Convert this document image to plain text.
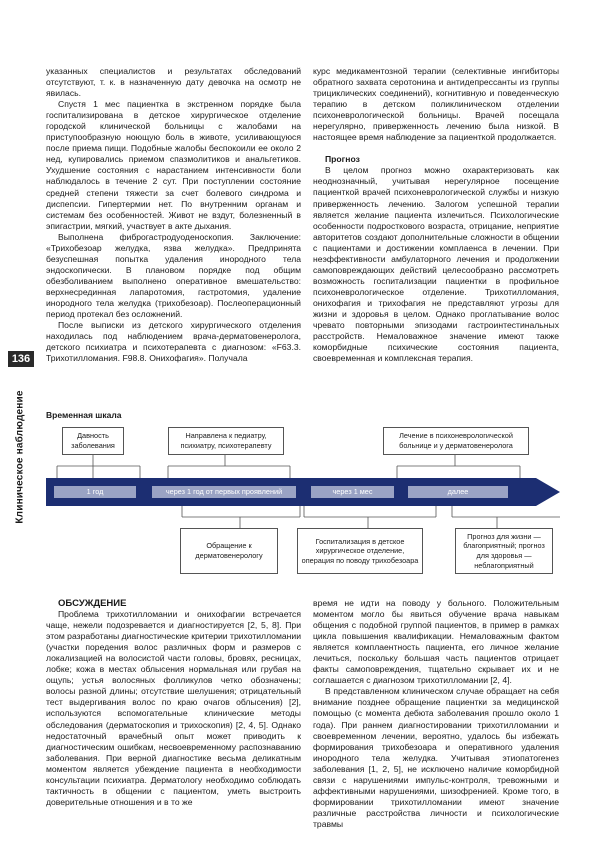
136
Клиническое наблюдение

указанных специалистов и результатах обследований отсутствуют, т. к. в назначенную дату девочка на осмотр не явилась.

Спустя 1 мес пациентка в экстренном порядке была госпитализирована в детское хирургическое отделение городской клинической больницы с жалобами на приступообразную ноющую боль в животе, усиливающуюся после приема пищи. Подобные жалобы беспокоили ее около 2 нед, купировались приемом спазмолитиков и анальгетиков. Ухудшение состояния с нарастанием интенсивности боли наблюдалось в течение 2 сут. При поступлении состояние средней степени тяжести за счет болевого синдрома и диспепсии. Гипертермии нет. По внутренним органам и системам без особенностей. Живот не вздут, болезненный в эпигастрии, мягкий, участвует в акте дыхания.

Выполнена фиброгастродуоденоскопия. Заключение: «Трихобезоар желудка, язва желудка». Предпринята безуспешная попытка удаления инородного тела эндоскопически. В плановом порядке под общим обезболиванием выполнено оперативное вмешательство: верхнесрединная лапаротомия, гастротомия, удаление инородного тела желудка (трихобезоар). Послеоперационный период протекал без осложнений.

После выписки из детского хирургического отделения находилась под наблюдением врача-дерматовенеролога, детского психиатра и психотерапевта с диагнозом: «F63.3. Трихотилломания. F98.8. Онихофагия». Получала

курс медикаментозной терапии (селективные ингибиторы обратного захвата серотонина и антидепрессанты из группы трициклических соединений), когнитивную и поведенческую терапию в детском поликлиническом отделении психоневрологической больницы. Врачей посещала нерегулярно, приверженность лечению была низкой. В настоящее время наблюдение за пациенткой продолжается.

Прогноз

В целом прогноз можно охарактеризовать как неоднозначный, учитывая нерегулярное посещение пациенткой врачей психоневрологической службы и низкую приверженность лечению. Залогом успешной терапии является желание пациента излечиться. Психологические особенности подросткового возраста, отрицание, неприятие авторитетов создают дополнительные сложности в общении с пациентами и достижении комплаенса в лечении. При неэффективности амбулаторного лечения и продолжении самоповреждающих действий целесообразно рассмотреть возможность госпитализации пациентки в профильное психоневрологическое отделение. Трихотилломания, онихофагия и трихофагия не представляют угрозы для жизни и здоровья в целом. Однако проглатывание волос чревато повторными эпизодами гастроинтестинальных расстройств. Немаловажное значение имеют также коморбидные психические состояния пациента, своевременная и комплексная терапия.

Временная шкала
1 год	через 1 год от первых проявлений	через 1 мес	далее
Давность заболевания
Направлена к педиатру, психиатру, психотерапевту
Лечение в психоневрологической больнице и у дерматовенеролога
Обращение к дерматовенерологу
Госпитализация в детское хирургическое отделение, операция по поводу трихобезоара
Прогноз для жизни — благоприятный; прогноз для здоровья — неблагоприятный

ОБСУЖДЕНИЕ

Проблема трихотилломании и онихофагии встречается чаще, нежели подозревается и диагностируется [2, 5, 8]. При этом разработаны диагностические критерии трихотилломании (участки поредения волос различных форм и размеров с локализацией на волосистой части головы, бровях, ресницах, лобке; кожа в местах облысения нормальная или грубая на ощупь; устья волосяных фолликулов четко обозначены; волосы разной длины; отсутствие шелушения; отрицательный тест выдергивания волос по краю очагов облысения) [2], используются вспомогательные клинические методы обследования (дерматоскопия и трихоскопия) [2, 4, 5]. Однако недостаточный врачебный опыт может приводить к диагностическим ошибкам, несвоевременному распознаванию заболевания. При верной диагностике весьма деликатным моментом является убеждение пациента в необходимости консультации психиатра. Дерматологу необходимо соблюдать тактичность в общении с пациентом, уметь выстроить доверительные отношения и в то же

время не идти на поводу у больного. Положительным моментом могло бы явиться обучение врача навыкам общения с подобной группой пациентов, в пример в рамках цикла повышения квалификации. Немаловажным фактом является комплаентность пациента, его личное желание лечиться, поскольку большая часть пациентов отрицает факты самоповреждения, тщательно скрывает их и не соглашается с диагнозом трихотилломании [2, 4].

В представленном клиническом случае обращает на себя внимание позднее обращение пациентки за медицинской помощью (с момента дебюта заболевания прошло около 1 года). При раннем диагностировании трихотилломании и своевременном лечении, вероятно, удалось бы избежать формирования трихобезоара и оперативного удаления инородного тела желудка. Учитывая этиопатогенез заболевания [1, 2, 5], не исключено наличие коморбидной связи с нарушениями импульс-контроля, тревожными и аффективными нарушениями, шизофренией. Кроме того, в формировании трихотилломании имеют значение различные расстройства личности и психологические травмы
